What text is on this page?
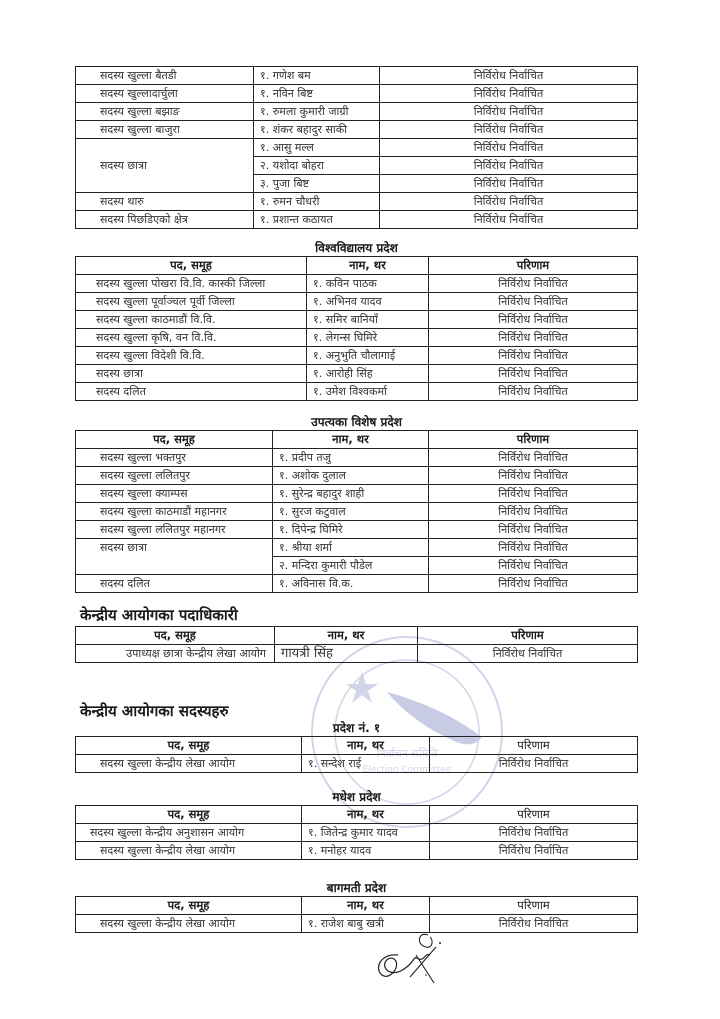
सदस्य खुल्ला बैतडी	१. गणेश बम	निर्विरोध निर्वाचित
सदस्य खुल्लादार्चुला	१. नविन बिष्ट	निर्विरोध निर्वाचित
सदस्य खुल्ला बझाङ	१. रुमला कुमारी जाग्री	निर्विरोध निर्वाचित
सदस्य खुल्ला बाजुरा	१. शंकर बहादुर साकी	निर्विरोध निर्वाचित
सदस्य छात्रा	१. आसु मल्ल	निर्विरोध निर्वाचित
	२. यशोदा बोहरा	निर्विरोध निर्वाचित
	३. पुजा बिष्ट	निर्विरोध निर्वाचित
सदस्य थारु	१. रुमन चौधरी	निर्विरोध निर्वाचित
सदस्य पिछडिएको क्षेत्र	१. प्रशान्त कठायत	निर्विरोध निर्वाचित
विश्वविद्यालय प्रदेश
पद, समूह	नाम, थर	परिणाम
सदस्य खुल्ला पोखरा वि.वि. कास्की जिल्ला	१. कविन पाठक	निर्विरोध निर्वाचित
सदस्य खुल्ला पूर्वाञ्चल पूर्वी जिल्ला	१. अभिनव यादव	निर्विरोध निर्वाचित
सदस्य खुल्ला काठमाडौं वि.वि.	१. समिर बानियाँ	निर्विरोध निर्वाचित
सदस्य खुल्ला कृषि, वन वि.वि.	१. लेगन्स घिमिरे	निर्विरोध निर्वाचित
सदस्य खुल्ला विदेशी वि.वि.	१. अनुभुति चौलागाई	निर्विरोध निर्वाचित
सदस्य छात्रा	१. आरोही सिंह	निर्विरोध निर्वाचित
सदस्य दलित	१. उमेश विश्वकर्मा	निर्विरोध निर्वाचित
उपत्यका विशेष प्रदेश
पद, समूह	नाम, थर	परिणाम
सदस्य खुल्ला भक्तपुर	१. प्रदीप तजु	निर्विरोध निर्वाचित
सदस्य खुल्ला ललितपुर	१. अशोक दुलाल	निर्विरोध निर्वाचित
सदस्य खुल्ला क्याम्पस	१. सुरेन्द्र बहादुर शाही	निर्विरोध निर्वाचित
सदस्य खुल्ला काठमाडौं महानगर	१. सुरज कटुवाल	निर्विरोध निर्वाचित
सदस्य खुल्ला ललितपुर महानगर	१. दिपेन्द्र घिमिरे	निर्विरोध निर्वाचित
सदस्य छात्रा	१. श्रीया शर्मा	निर्विरोध निर्वाचित
	२. मन्दिरा कुमारी पौडेल	निर्विरोध निर्वाचित
सदस्य दलित	१. अविनास वि.क.	निर्विरोध निर्वाचित
निर्वाचन समिति
Election Committee
केन्द्रीय आयोगका पदाधिकारी
पद, समूह	नाम, थर	परिणाम
उपाध्यक्ष छात्रा केन्द्रीय लेखा आयोग	गायत्री सिंह	निर्विरोध निर्वाचित
केन्द्रीय आयोगका सदस्यहरु
प्रदेश नं. १
पद, समूह	नाम, थर	परिणाम
सदस्य खुल्ला केन्द्रीय लेखा आयोग	१. सन्देश राई	निर्विरोध निर्वाचित
मधेश प्रदेश
पद, समूह	नाम, थर	परिणाम
सदस्य खुल्ला केन्द्रीय अनुशासन आयोग	१. जितेन्द्र कुमार यादव	निर्विरोध निर्वाचित
सदस्य खुल्ला केन्द्रीय लेखा आयोग	१. मनोहर यादव	निर्विरोध निर्वाचित
बागमती प्रदेश
पद, समूह	नाम, थर	परिणाम
सदस्य खुल्ला केन्द्रीय लेखा आयोग	१. राजेश बाबु खत्री	निर्विरोध निर्वाचित
